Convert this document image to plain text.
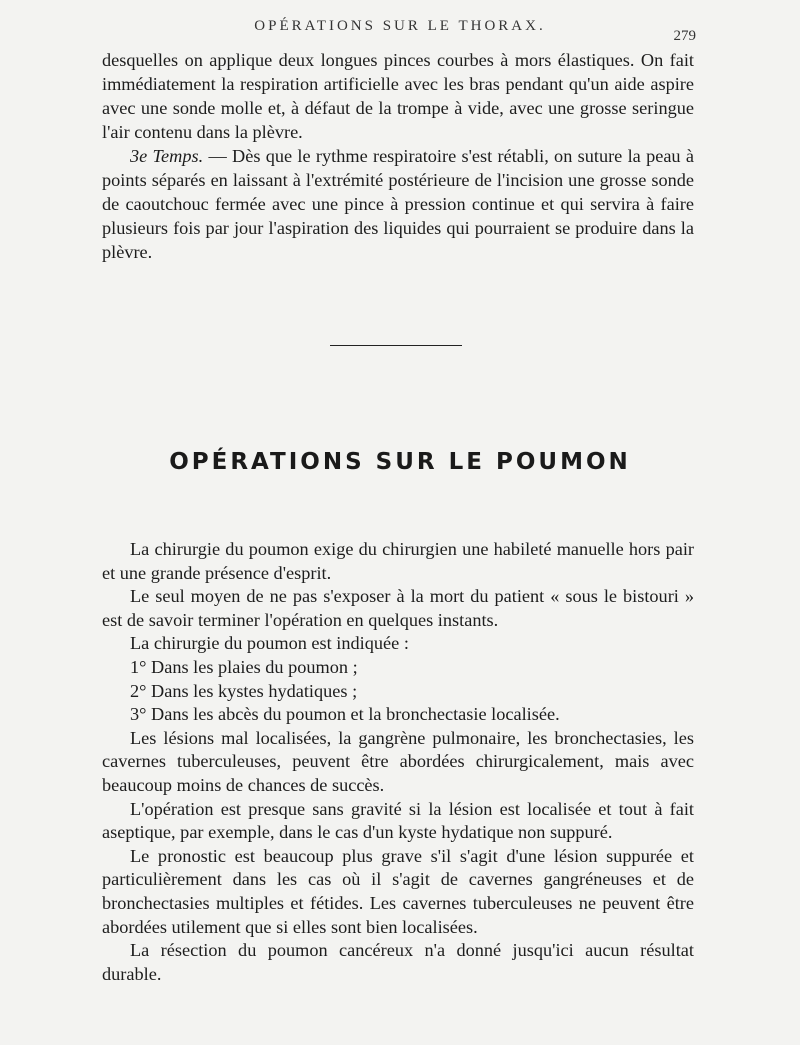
OPÉRATIONS SUR LE THORAX.
279

desquelles on applique deux longues pinces courbes à mors élastiques. On fait immédiatement la respiration artificielle avec les bras pendant qu'un aide aspire avec une sonde molle et, à défaut de la trompe à vide, avec une grosse seringue l'air contenu dans la plèvre.

3e Temps. — Dès que le rythme respiratoire s'est rétabli, on suture la peau à points séparés en laissant à l'extrémité postérieure de l'incision une grosse sonde de caoutchouc fermée avec une pince à pression continue et qui servira à faire plusieurs fois par jour l'aspiration des liquides qui pourraient se produire dans la plèvre.

OPÉRATIONS SUR LE POUMON

La chirurgie du poumon exige du chirurgien une habileté manuelle hors pair et une grande présence d'esprit.

Le seul moyen de ne pas s'exposer à la mort du patient « sous le bistouri » est de savoir terminer l'opération en quelques instants.

La chirurgie du poumon est indiquée :

1° Dans les plaies du poumon ;

2° Dans les kystes hydatiques ;

3° Dans les abcès du poumon et la bronchectasie localisée.

Les lésions mal localisées, la gangrène pulmonaire, les bronchectasies, les cavernes tuberculeuses, peuvent être abordées chirurgicalement, mais avec beaucoup moins de chances de succès.

L'opération est presque sans gravité si la lésion est localisée et tout à fait aseptique, par exemple, dans le cas d'un kyste hydatique non suppuré.

Le pronostic est beaucoup plus grave s'il s'agit d'une lésion suppurée et particulièrement dans les cas où il s'agit de cavernes gangréneuses et de bronchectasies multiples et fétides. Les cavernes tuberculeuses ne peuvent être abordées utilement que si elles sont bien localisées.

La résection du poumon cancéreux n'a donné jusqu'ici aucun résultat durable.
